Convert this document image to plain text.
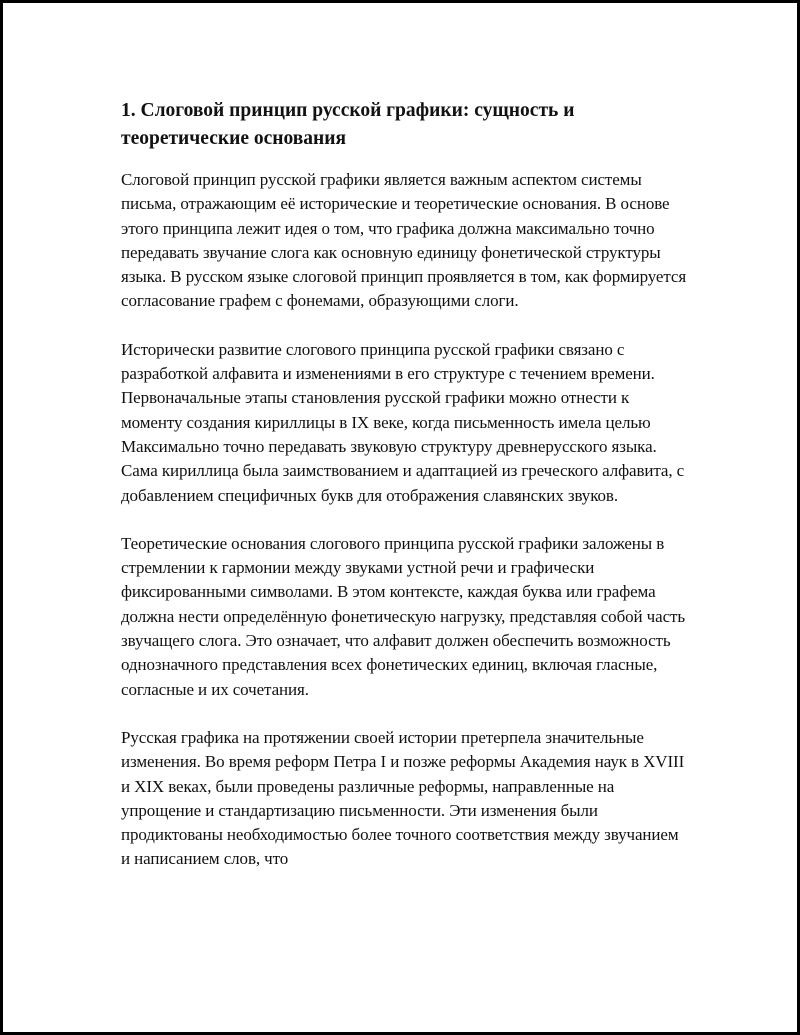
1. Слоговой принцип русской графики: сущность и теоретические основания

Слоговой принцип русской графики является важным аспектом системы письма, отражающим её исторические и теоретические основания. В основе этого принципа лежит идея о том, что графика должна максимально точно передавать звучание слога как основную единицу фонетической структуры языка. В русском языке слоговой принцип проявляется в том, как формируется согласование графем с фонемами, образующими слоги.

Исторически развитие слогового принципа русской графики связано с разработкой алфавита и изменениями в его структуре с течением времени. Первоначальные этапы становления русской графики можно отнести к моменту создания кириллицы в IX веке, когда письменность имела целью Максимально точно передавать звуковую структуру древнерусского языка. Сама кириллица была заимствованием и адаптацией из греческого алфавита, с добавлением специфичных букв для отображения славянских звуков.

Теоретические основания слогового принципа русской графики заложены в стремлении к гармонии между звуками устной речи и графически фиксированными символами. В этом контексте, каждая буква или графема должна нести определённую фонетическую нагрузку, представляя собой часть звучащего слога. Это означает, что алфавит должен обеспечить возможность однозначного представления всех фонетических единиц, включая гласные, согласные и их сочетания.

Русская графика на протяжении своей истории претерпела значительные изменения. Во время реформ Петра I и позже реформы Академия наук в XVIII и XIX веках, были проведены различные реформы, направленные на упрощение и стандартизацию письменности. Эти изменения были продиктованы необходимостью более точного соответствия между звучанием и написанием слов, что
